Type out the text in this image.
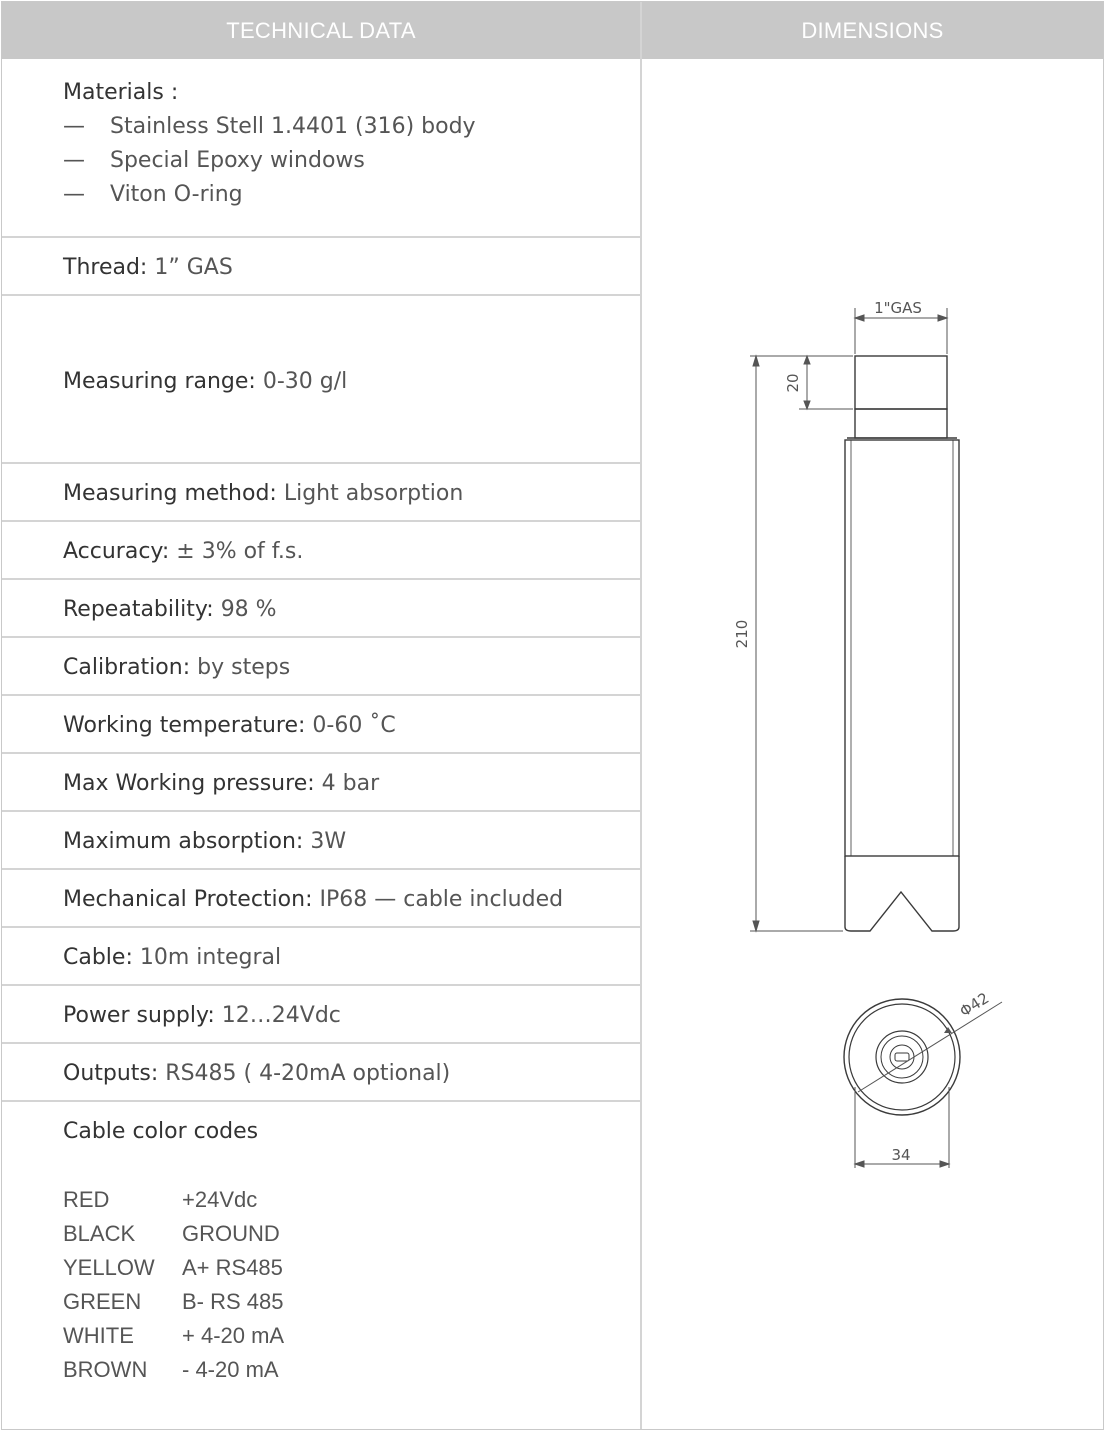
TECHNICAL DATA	DIMENSIONS
Materials :
—	Stainless Stell 1.4401 (316) body
—	Special Epoxy windows
—	Viton O-ring
Thread: 1” GAS
Measuring range: 0-30 g/l
Measuring method: Light absorption
Accuracy: ± 3% of f.s.
Repeatability: 98 %
Calibration: by steps
Working temperature: 0-60 ˚C
Max Working pressure: 4 bar
Maximum absorption: 3W
Mechanical Protection: IP68 — cable included
Cable: 10m integral
Power supply: 12…24Vdc
Outputs: RS485 ( 4-20mA optional)
Cable color codes
RED	+24Vdc
BLACK	GROUND
YELLOW	A+ RS485
GREEN	B- RS 485
WHITE	+ 4-20 mA
BROWN	- 4-20 mA
1"GAS
20
210
Φ42
34
